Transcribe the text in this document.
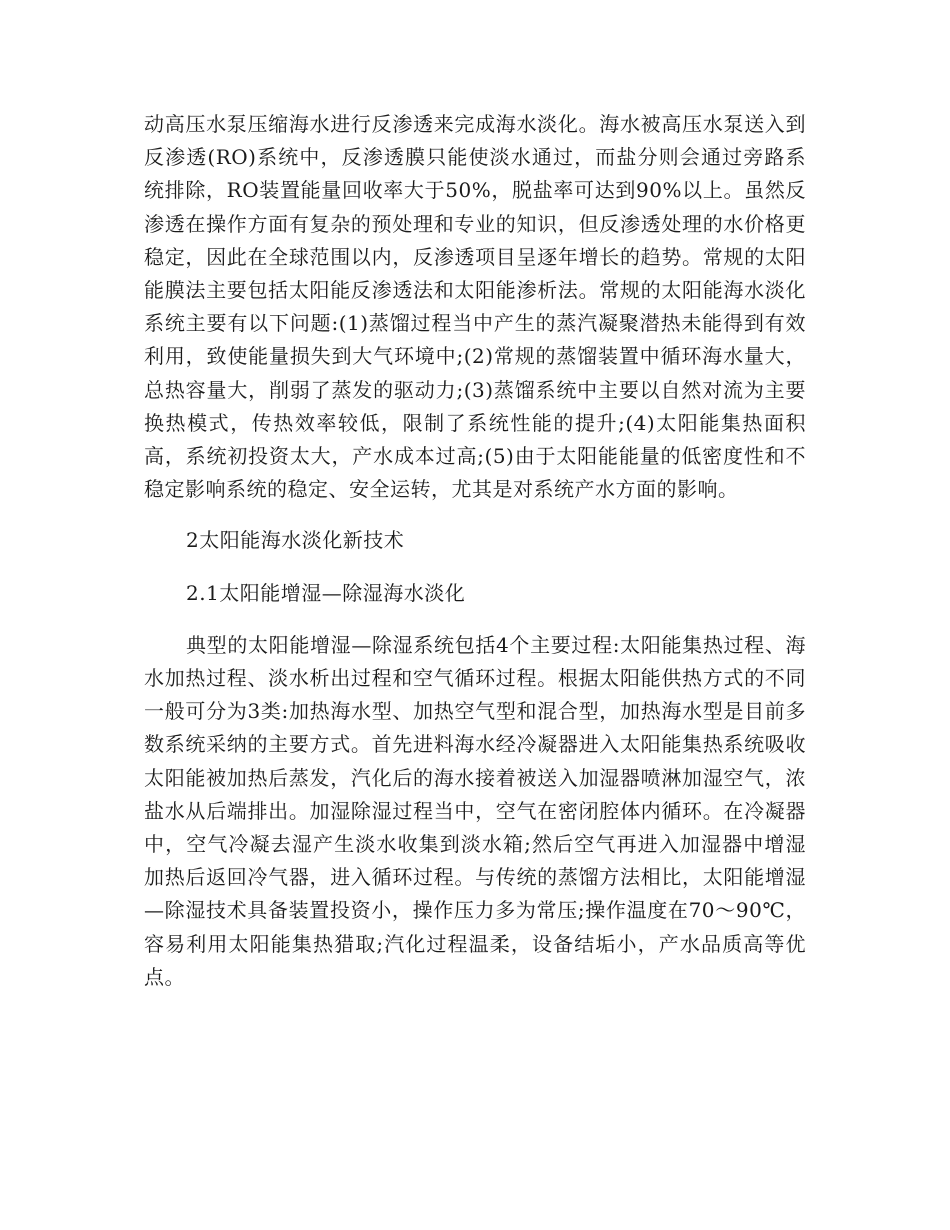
动高压水泵压缩海水进行反渗透来完成海水淡化。海水被高压水泵送入到反渗透(RO)系统中，反渗透膜只能使淡水通过，而盐分则会通过旁路系统排除，RO装置能量回收率大于50%，脱盐率可达到90%以上。虽然反渗透在操作方面有复杂的预处理和专业的知识，但反渗透处理的水价格更稳定，因此在全球范围以内，反渗透项目呈逐年增长的趋势。常规的太阳能膜法主要包括太阳能反渗透法和太阳能渗析法。常规的太阳能海水淡化系统主要有以下问题:(1)蒸馏过程当中产生的蒸汽凝聚潜热未能得到有效利用，致使能量损失到大气环境中;(2)常规的蒸馏装置中循环海水量大，总热容量大，削弱了蒸发的驱动力;(3)蒸馏系统中主要以自然对流为主要换热模式，传热效率较低，限制了系统性能的提升;(4)太阳能集热面积高，系统初投资太大，产水成本过高;(5)由于太阳能能量的低密度性和不稳定影响系统的稳定、安全运转，尤其是对系统产水方面的影响。

2太阳能海水淡化新技术

2.1太阳能增湿—除湿海水淡化

典型的太阳能增湿—除湿系统包括4个主要过程:太阳能集热过程、海水加热过程、淡水析出过程和空气循环过程。根据太阳能供热方式的不同一般可分为3类:加热海水型、加热空气型和混合型，加热海水型是目前多数系统采纳的主要方式。首先进料海水经冷凝器进入太阳能集热系统吸收太阳能被加热后蒸发，汽化后的海水接着被送入加湿器喷淋加湿空气，浓盐水从后端排出。加湿除湿过程当中，空气在密闭腔体内循环。在冷凝器中，空气冷凝去湿产生淡水收集到淡水箱;然后空气再进入加湿器中增湿加热后返回冷气器，进入循环过程。与传统的蒸馏方法相比，太阳能增湿—除湿技术具备装置投资小，操作压力多为常压;操作温度在70～90℃，容易利用太阳能集热猎取;汽化过程温柔，设备结垢小，产水品质高等优点。
